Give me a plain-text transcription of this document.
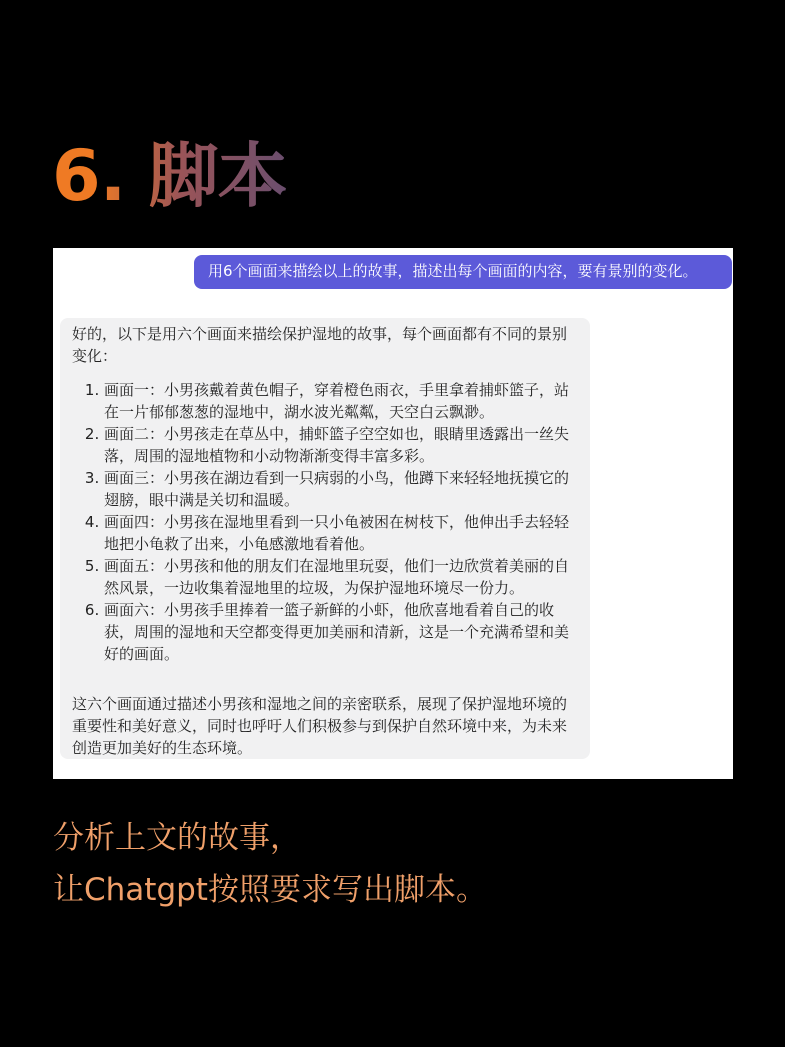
6. 脚本
用6个画面来描绘以上的故事，描述出每个画面的内容，要有景别的变化。

好的，以下是用六个画面来描绘保护湿地的故事，每个画面都有不同的景别变化：

1. 画面一：小男孩戴着黄色帽子，穿着橙色雨衣，手里拿着捕虾篮子，站在一片郁郁葱葱的湿地中，湖水波光粼粼，天空白云飘渺。
2. 画面二：小男孩走在草丛中，捕虾篮子空空如也，眼睛里透露出一丝失落，周围的湿地植物和小动物渐渐变得丰富多彩。
3. 画面三：小男孩在湖边看到一只病弱的小鸟，他蹲下来轻轻地抚摸它的翅膀，眼中满是关切和温暖。
4. 画面四：小男孩在湿地里看到一只小龟被困在树枝下，他伸出手去轻轻地把小龟救了出来，小龟感激地看着他。
5. 画面五：小男孩和他的朋友们在湿地里玩耍，他们一边欣赏着美丽的自然风景，一边收集着湿地里的垃圾，为保护湿地环境尽一份力。
6. 画面六：小男孩手里捧着一篮子新鲜的小虾，他欣喜地看着自己的收获，周围的湿地和天空都变得更加美丽和清新，这是一个充满希望和美好的画面。

这六个画面通过描述小男孩和湿地之间的亲密联系，展现了保护湿地环境的重要性和美好意义，同时也呼吁人们积极参与到保护自然环境中来，为未来创造更加美好的生态环境。

分析上文的故事，
让Chatgpt按照要求写出脚本。
